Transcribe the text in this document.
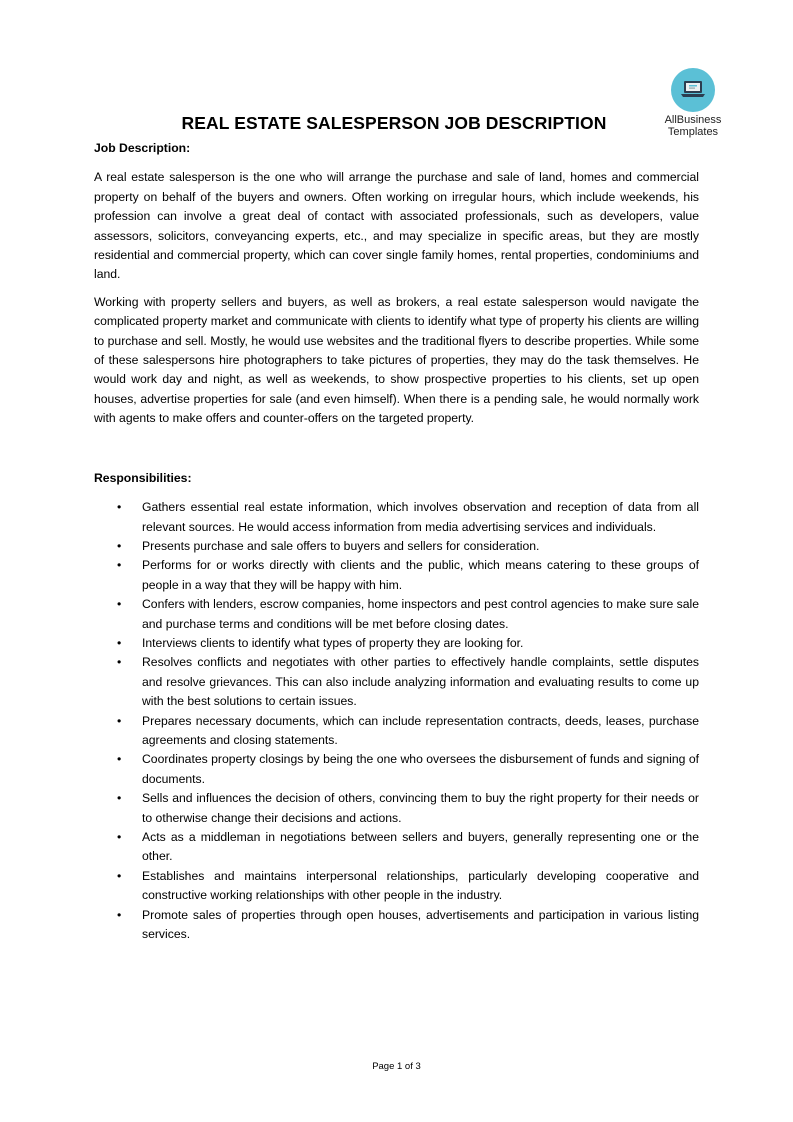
AllBusiness
Templates
REAL ESTATE SALESPERSON JOB DESCRIPTION

Job Description:

A real estate salesperson is the one who will arrange the purchase and sale of land, homes and commercial property on behalf of the buyers and owners. Often working on irregular hours, which include weekends, his profession can involve a great deal of contact with associated professionals, such as developers, value assessors, solicitors, conveyancing experts, etc., and may specialize in specific areas, but they are mostly residential and commercial property, which can cover single family homes, rental properties, condominiums and land.

Working with property sellers and buyers, as well as brokers, a real estate salesperson would navigate the complicated property market and communicate with clients to identify what type of property his clients are willing to purchase and sell. Mostly, he would use websites and the traditional flyers to describe properties. While some of these salespersons hire photographers to take pictures of properties, they may do the task themselves. He would work day and night, as well as weekends, to show prospective properties to his clients, set up open houses, advertise properties for sale (and even himself). When there is a pending sale, he would normally work with agents to make offers and counter-offers on the targeted property.

Responsibilities:

• Gathers essential real estate information, which involves observation and reception of data from all relevant sources. He would access information from media advertising services and individuals.
• Presents purchase and sale offers to buyers and sellers for consideration.
• Performs for or works directly with clients and the public, which means catering to these groups of people in a way that they will be happy with him.
• Confers with lenders, escrow companies, home inspectors and pest control agencies to make sure sale and purchase terms and conditions will be met before closing dates.
• Interviews clients to identify what types of property they are looking for.
• Resolves conflicts and negotiates with other parties to effectively handle complaints, settle disputes and resolve grievances. This can also include analyzing information and evaluating results to come up with the best solutions to certain issues.
• Prepares necessary documents, which can include representation contracts, deeds, leases, purchase agreements and closing statements.
• Coordinates property closings by being the one who oversees the disbursement of funds and signing of documents.
• Sells and influences the decision of others, convincing them to buy the right property for their needs or to otherwise change their decisions and actions.
• Acts as a middleman in negotiations between sellers and buyers, generally representing one or the other.
• Establishes and maintains interpersonal relationships, particularly developing cooperative and constructive working relationships with other people in the industry.
• Promote sales of properties through open houses, advertisements and participation in various listing services.
Page 1 of 3
